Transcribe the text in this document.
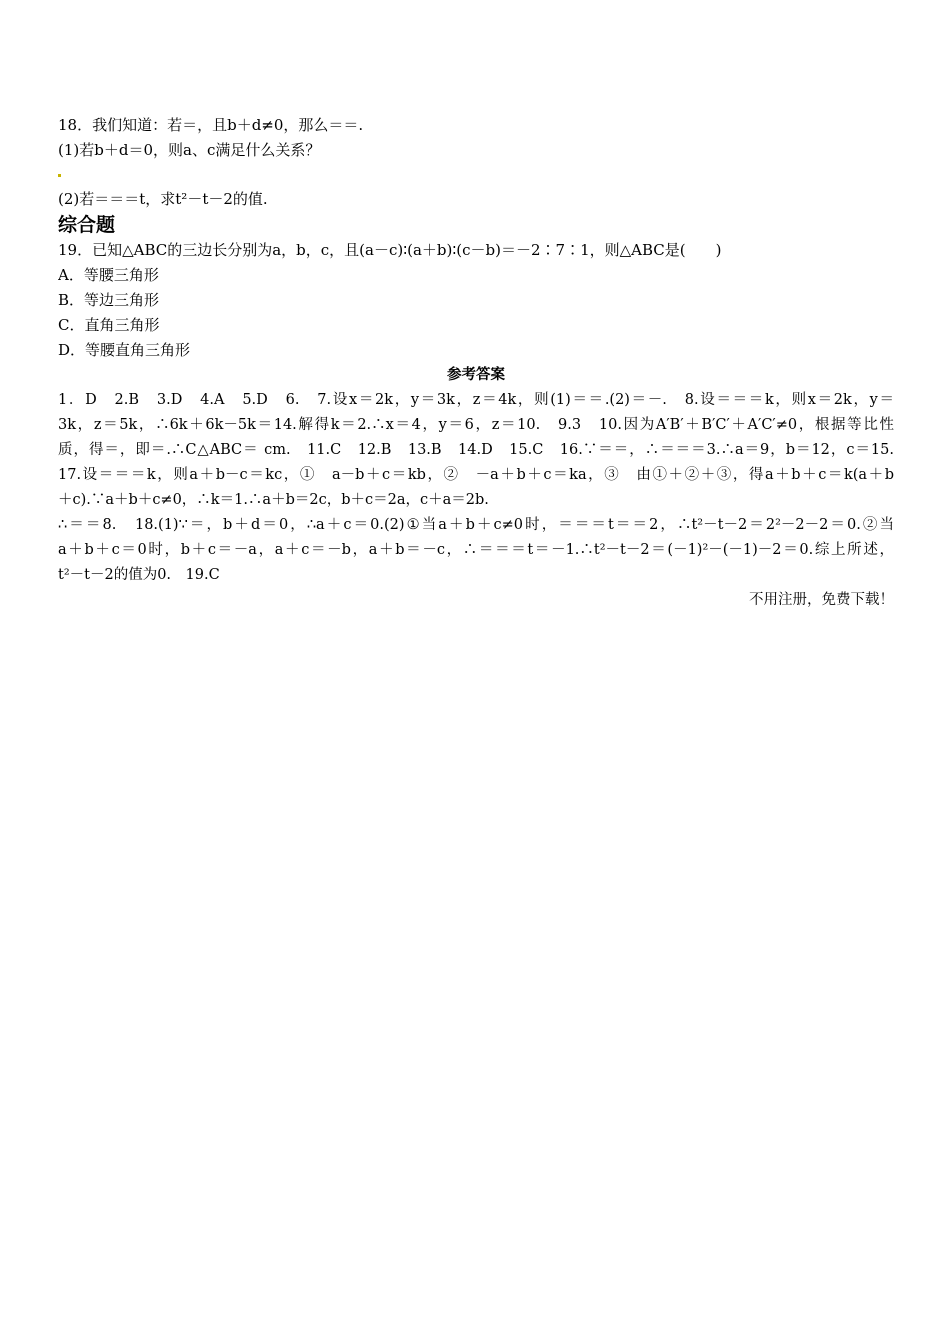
18．我们知道：若＝，且b＋d≠0，那么＝＝.
(1)若b＋d＝0，则a、c满足什么关系？
(2)若＝＝＝t，求t²－t－2的值.
综合题
19．已知△ABC的三边长分别为a，b，c，且(a－c)∶(a＋b)∶(c－b)＝－2∶7∶1，则△ABC是(　　)
A．等腰三角形
B．等边三角形
C．直角三角形
D．等腰直角三角形
参考答案
1．D　2.B　3.D　4.A　5.D　6.　7.设x＝2k，y＝3k，z＝4k，则(1)＝＝.(2)＝－.　8.设＝＝＝k，则x＝2k，y＝
3k，z＝5k，∴6k＋6k－5k＝14.解得k＝2.∴x＝4，y＝6，z＝10.　9.3　10.因为A′B′＋B′C′＋A′C′≠0，根据等比性
质，得＝，即＝.∴C△ABC＝ cm.　11.C　12.B　13.B　14.D　15.C　16.∵＝＝，∴＝＝＝3.∴a＝9，b＝12，c＝15.
17.设＝＝＝k，则a＋b－c＝kc，①　a－b＋c＝kb，②　－a＋b＋c＝ka，③　由①＋②＋③，得a＋b＋c＝k(a＋b
＋c).∵a＋b＋c≠0，∴k＝1.∴a＋b＝2c，b＋c＝2a，c＋a＝2b.
∴＝＝8.　18.(1)∵＝，b＋d＝0，∴a＋c＝0.(2)①当a＋b＋c≠0时，＝＝＝t＝＝2，∴t²－t－2＝2²－2－2＝0.②当
a＋b＋c＝0时，b＋c＝－a，a＋c＝－b，a＋b＝－c，∴＝＝＝t＝－1.∴t²－t－2＝(－1)²－(－1)－2＝0.综上所述，
t²－t－2的值为0.　19.C
不用注册，免费下载！
